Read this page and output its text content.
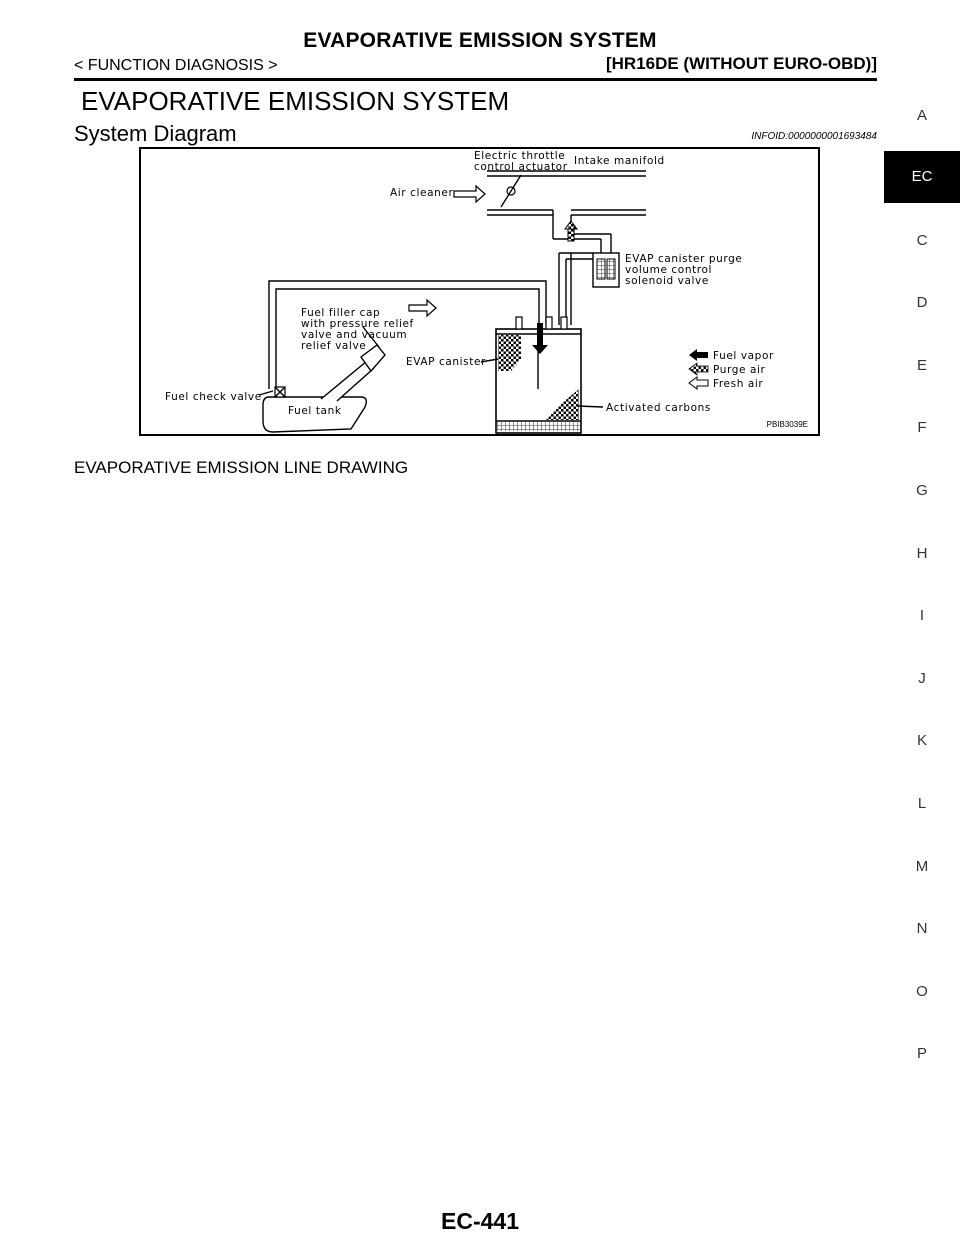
EVAPORATIVE EMISSION SYSTEM
< FUNCTION DIAGNOSIS >	[HR16DE (WITHOUT EURO-OBD)]
EVAPORATIVE EMISSION SYSTEM
System Diagram	INFOID:0000000001693484
Electric throttle
control actuator Intake manifold
Air cleaner
EVAP canister purge
volume control
solenoid valve
Fuel filler cap
with pressure relief
valve and vacuum
relief valve
EVAP canister
Fuel check valve
Fuel tank	Activated carbons
Fuel vapor
Purge air
Fresh air
PBIB3039E
EVAPORATIVE EMISSION LINE DRAWING
EC-441
A
EC
C
D
E
F
G
H
I
J
K
L
M
N
O
P
